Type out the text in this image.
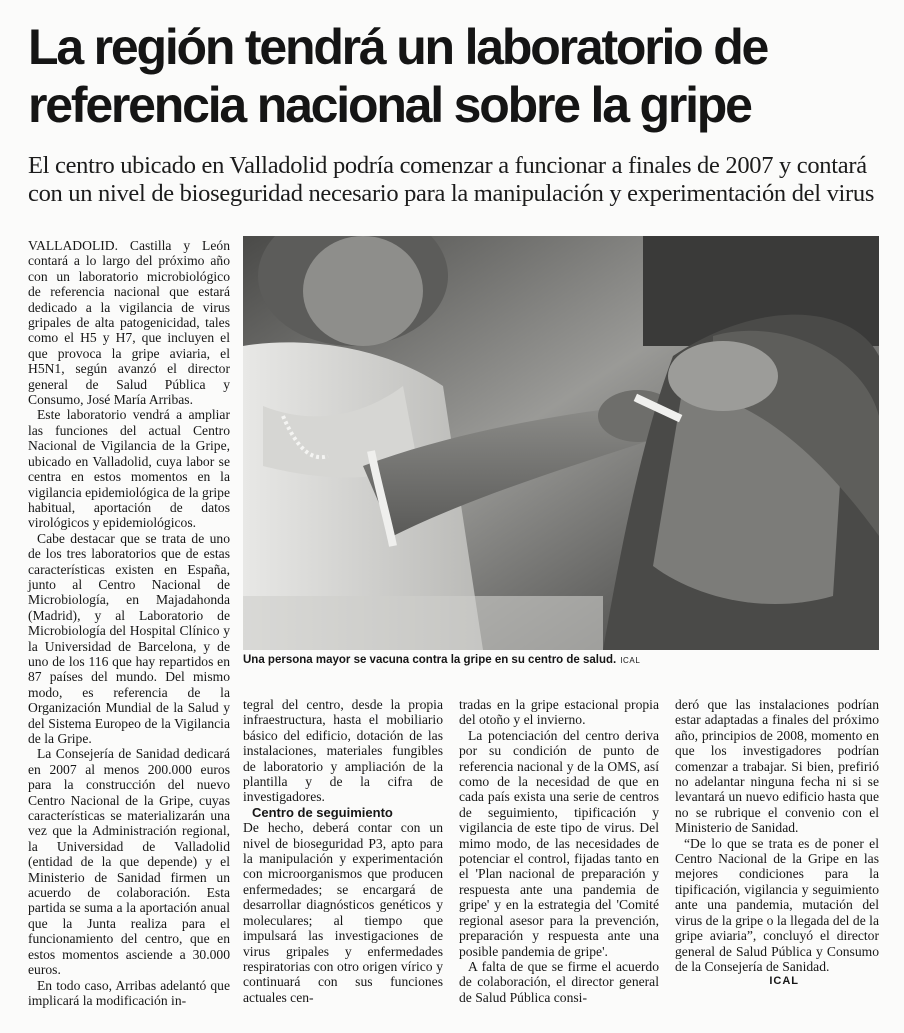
La región tendrá un laboratorio de referencia nacional sobre la gripe

El centro ubicado en Valladolid podría comenzar a funcionar a finales de 2007 y contará con un nivel de bioseguridad necesario para la manipulación y experimentación del virus

VALLADOLID. Castilla y León contará a lo largo del próximo año con un laboratorio microbiológico de referencia nacional que estará dedicado a la vigilancia de virus gripales de alta patogenicidad, tales como el H5 y H7, que incluyen el que provoca la gripe aviaria, el H5N1, según avanzó el director general de Salud Pública y Consumo, José María Arribas.

Este laboratorio vendrá a ampliar las funciones del actual Centro Nacional de Vigilancia de la Gripe, ubicado en Valladolid, cuya labor se centra en estos momentos en la vigilancia epidemiológica de la gripe habitual, aportación de datos virológicos y epidemiológicos.

Cabe destacar que se trata de uno de los tres laboratorios que de estas características existen en España, junto al Centro Nacional de Microbiología, en Majadahonda (Madrid), y al Laboratorio de Microbiología del Hospital Clínico y la Universidad de Barcelona, y de uno de los 116 que hay repartidos en 87 países del mundo. Del mismo modo, es referencia de la Organización Mundial de la Salud y del Sistema Europeo de la Vigilancia de la Gripe.

La Consejería de Sanidad dedicará en 2007 al menos 200.000 euros para la construcción del nuevo Centro Nacional de la Gripe, cuyas características se materializarán una vez que la Administración regional, la Universidad de Valladolid (entidad de la que depende) y el Ministerio de Sanidad firmen un acuerdo de colaboración. Esta partida se suma a la aportación anual que la Junta realiza para el funcionamiento del centro, que en estos momentos asciende a 30.000 euros.

En todo caso, Arribas adelantó que implicará la modificación in-

Una persona mayor se vacuna contra la gripe en su centro de salud. ICAL

tegral del centro, desde la propia infraestructura, hasta el mobiliario básico del edificio, dotación de las instalaciones, materiales fungibles de laboratorio y ampliación de la plantilla y de la cifra de investigadores.

Centro de seguimiento

De hecho, deberá contar con un nivel de bioseguridad P3, apto para la manipulación y experimentación con microorganismos que producen enfermedades; se encargará de desarrollar diagnósticos genéticos y moleculares; al tiempo que impulsará las investigaciones de virus gripales y enfermedades respiratorias con otro origen vírico y continuará con sus funciones actuales cen-

tradas en la gripe estacional propia del otoño y el invierno.

La potenciación del centro deriva por su condición de punto de referencia nacional y de la OMS, así como de la necesidad de que en cada país exista una serie de centros de seguimiento, tipificación y vigilancia de este tipo de virus. Del mimo modo, de las necesidades de potenciar el control, fijadas tanto en el 'Plan nacional de preparación y respuesta ante una pandemia de gripe' y en la estrategia del 'Comité regional asesor para la prevención, preparación y respuesta ante una posible pandemia de gripe'.

A falta de que se firme el acuerdo de colaboración, el director general de Salud Pública consi-

deró que las instalaciones podrían estar adaptadas a finales del próximo año, principios de 2008, momento en que los investigadores podrían comenzar a trabajar. Si bien, prefirió no adelantar ninguna fecha ni si se levantará un nuevo edificio hasta que no se rubrique el convenio con el Ministerio de Sanidad.

“De lo que se trata es de poner el Centro Nacional de la Gripe en las mejores condiciones para la tipificación, vigilancia y seguimiento ante una pandemia, mutación del virus de la gripe o la llegada del de la gripe aviaria”, concluyó el director general de Salud Pública y Consumo de la Consejería de Sanidad.

ICAL
